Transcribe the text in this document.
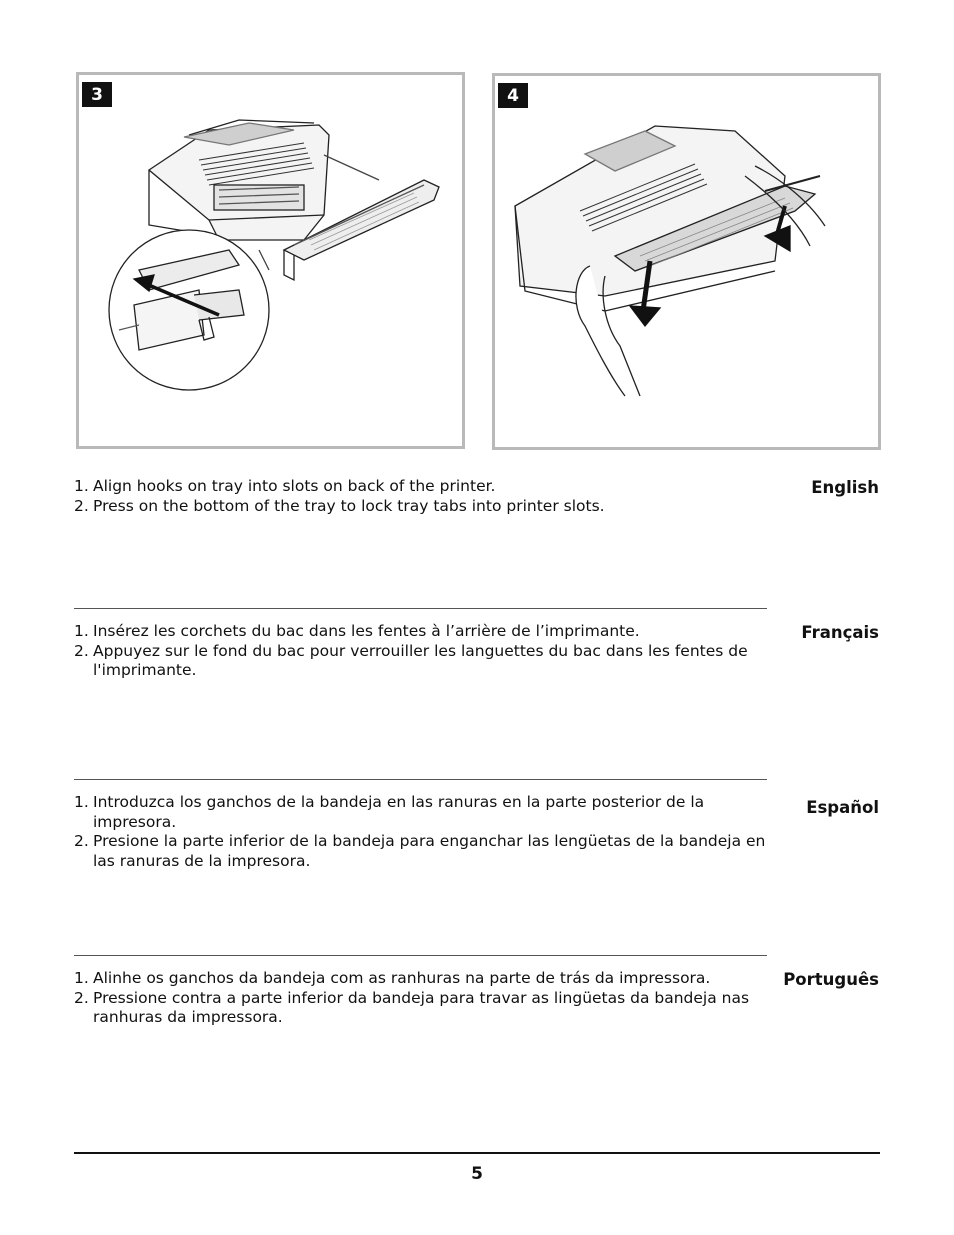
3	4
English
1. Align hooks on tray into slots on back of the printer.
2. Press on the bottom of the tray to lock tray tabs into printer slots.
Français
1. Insérez les corchets du bac dans les fentes à l’arrière de l’imprimante.
2. Appuyez sur le fond du bac pour verrouiller les languettes du bac dans les fentes de l'imprimante.
Español
1. Introduzca los ganchos de la bandeja en las ranuras en la parte posterior de la impresora.
2. Presione la parte inferior de la bandeja para enganchar las lengüetas de la bandeja en las ranuras de la impresora.
Português
1. Alinhe os ganchos da bandeja com as ranhuras na parte de trás da impressora.
2. Pressione contra a parte inferior da bandeja para travar as lingüetas da bandeja nas ranhuras da impressora.
5
